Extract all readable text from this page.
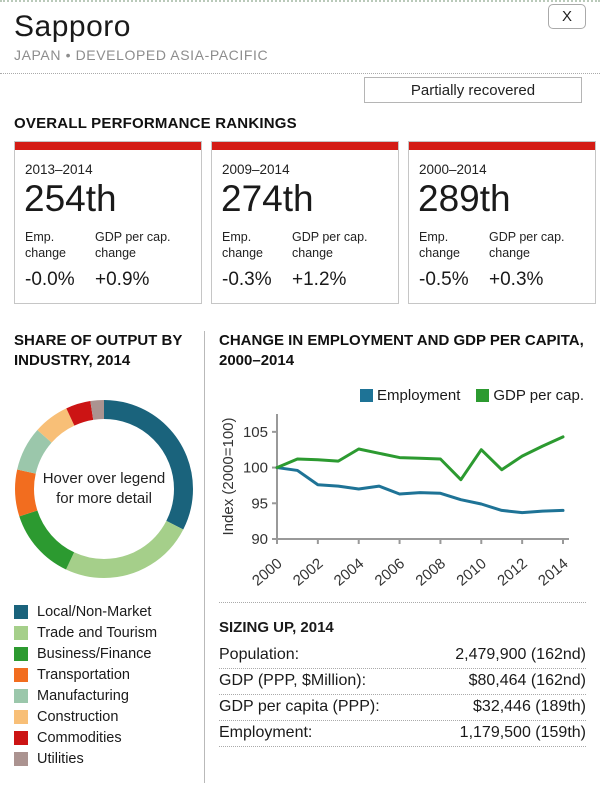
X
Sapporo
JAPAN • DEVELOPED ASIA-PACIFIC
Partially recovered
OVERALL PERFORMANCE RANKINGS
2013–2014
254th
Emp. change
-0.0%
GDP per cap. change
+0.9%
2009–2014
274th
Emp. change
-0.3%
GDP per cap. change
+1.2%
2000–2014
289th
Emp. change
-0.5%
GDP per cap. change
+0.3%
SHARE OF OUTPUT BY INDUSTRY, 2014
Hover over legend for more detail
Local/Non-Market
Trade and Tourism
Business/Finance
Transportation
Manufacturing
Construction
Commodities
Utilities
CHANGE IN EMPLOYMENT AND GDP PER CAPITA, 2000–2014
Employment GDP per cap.
90
95
100
105
2000 2002 2004 2006 2008 2010 2012 2014
Index (2000=100)
SIZING UP, 2014
Population:	2,479,900 (162nd)
GDP (PPP, $Million):	$80,464 (162nd)
GDP per capita (PPP):	$32,446 (189th)
Employment:	1,179,500 (159th)
